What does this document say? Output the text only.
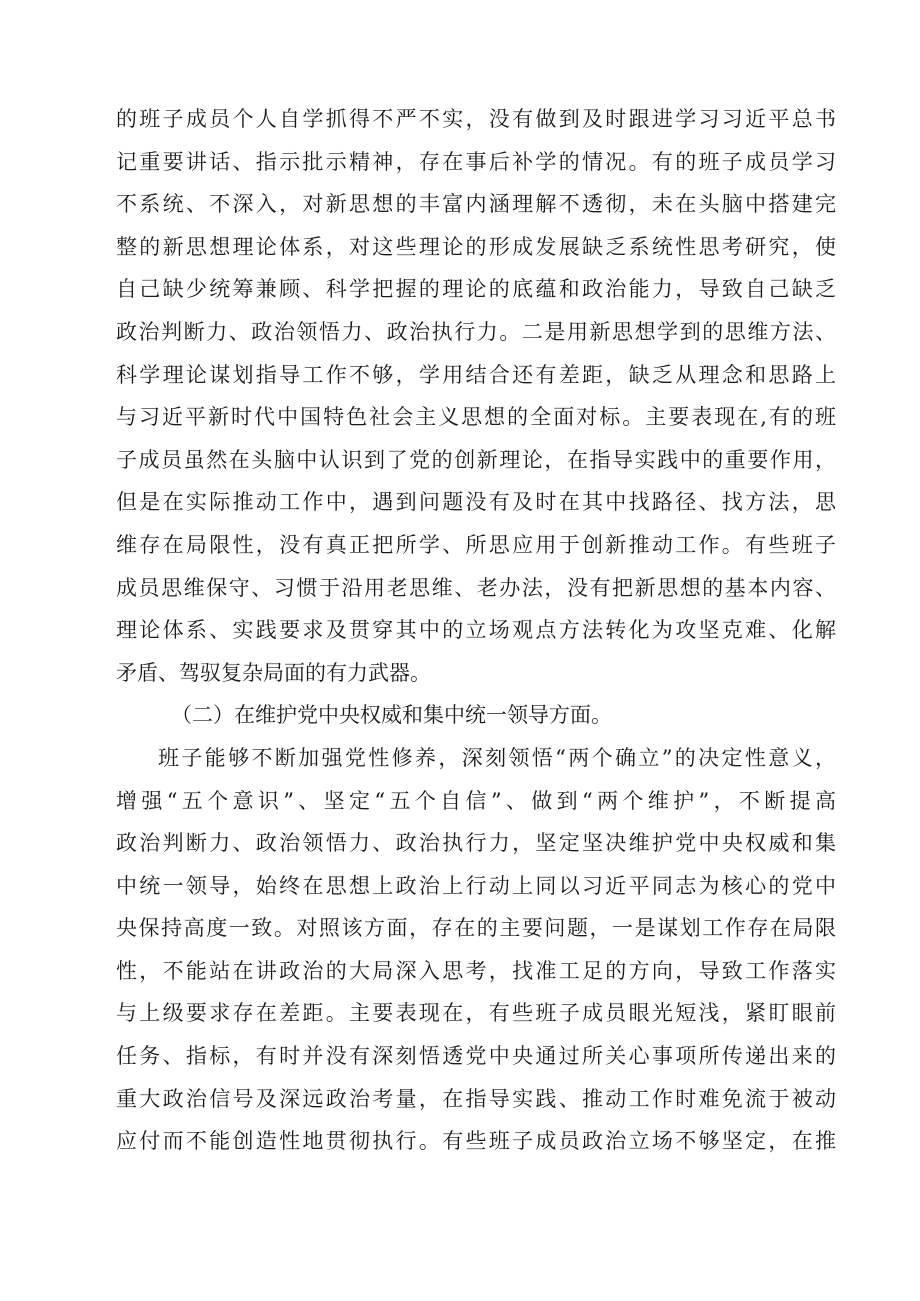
的班子成员个人自学抓得不严不实，没有做到及时跟进学习习近平总书
记重要讲话、指示批示精神，存在事后补学的情况。有的班子成员学习
不系统、不深入，对新思想的丰富内涵理解不透彻，未在头脑中搭建完
整的新思想理论体系，对这些理论的形成发展缺乏系统性思考研究，使
自己缺少统筹兼顾、科学把握的理论的底蕴和政治能力，导致自己缺乏
政治判断力、政治领悟力、政治执行力。二是用新思想学到的思维方法、
科学理论谋划指导工作不够，学用结合还有差距，缺乏从理念和思路上
与习近平新时代中国特色社会主义思想的全面对标。主要表现在,有的班
子成员虽然在头脑中认识到了党的创新理论，在指导实践中的重要作用，
但是在实际推动工作中，遇到问题没有及时在其中找路径、找方法，思
维存在局限性，没有真正把所学、所思应用于创新推动工作。有些班子
成员思维保守、习惯于沿用老思维、老办法，没有把新思想的基本内容、
理论体系、实践要求及贯穿其中的立场观点方法转化为攻坚克难、化解
矛盾、驾驭复杂局面的有力武器。
（二）在维护党中央权威和集中统一领导方面。
班子能够不断加强党性修养，深刻领悟“两个确立”的决定性意义，
增强“五个意识”、坚定“五个自信”、做到“两个维护”，不断提高
政治判断力、政治领悟力、政治执行力，坚定坚决维护党中央权威和集
中统一领导，始终在思想上政治上行动上同以习近平同志为核心的党中
央保持高度一致。对照该方面，存在的主要问题，一是谋划工作存在局限
性，不能站在讲政治的大局深入思考，找准工足的方向，导致工作落实
与上级要求存在差距。主要表现在，有些班子成员眼光短浅，紧盯眼前
任务、指标，有时并没有深刻悟透党中央通过所关心事项所传递出来的
重大政治信号及深远政治考量，在指导实践、推动工作时难免流于被动
应付而不能创造性地贯彻执行。有些班子成员政治立场不够坚定，在推
